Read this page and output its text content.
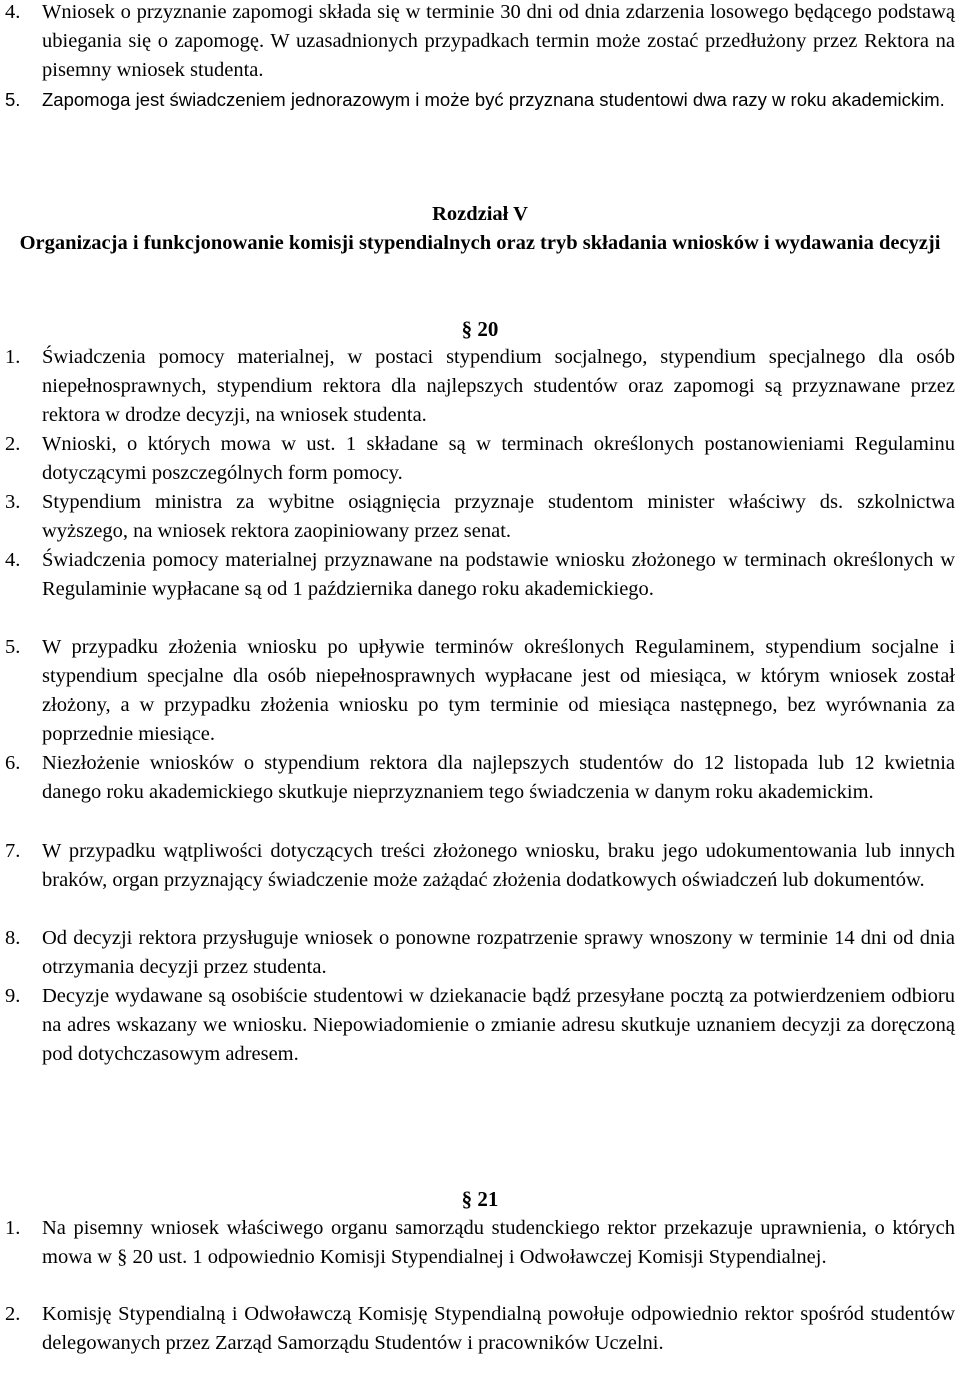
4. Wniosek o przyznanie zapomogi składa się w terminie 30 dni od dnia zdarzenia losowego będącego podstawą ubiegania się o zapomogę. W uzasadnionych przypadkach termin może zostać przedłużony przez Rektora na pisemny wniosek studenta.
5. Zapomoga jest świadczeniem jednorazowym i może być przyznana studentowi dwa razy w roku akademickim.
Rozdział V
Organizacja i funkcjonowanie komisji stypendialnych oraz tryb składania wniosków i wydawania decyzji
§ 20
1. Świadczenia pomocy materialnej, w postaci stypendium socjalnego, stypendium specjalnego dla osób niepełnosprawnych, stypendium rektora dla najlepszych studentów oraz zapomogi są przyznawane przez rektora w drodze decyzji, na wniosek studenta.
2. Wnioski, o których mowa w ust. 1 składane są w terminach określonych postanowieniami Regulaminu dotyczącymi poszczególnych form pomocy.
3. Stypendium ministra za wybitne osiągnięcia przyznaje studentom minister właściwy ds. szkolnictwa wyższego, na wniosek rektora zaopiniowany przez senat.
4. Świadczenia pomocy materialnej przyznawane na podstawie wniosku złożonego w terminach określonych w Regulaminie wypłacane są od 1 października danego roku akademickiego.
5. W przypadku złożenia wniosku po upływie terminów określonych Regulaminem, stypendium socjalne i stypendium specjalne dla osób niepełnosprawnych wypłacane jest od miesiąca, w którym wniosek został złożony, a w przypadku złożenia wniosku po tym terminie od miesiąca następnego, bez wyrównania za poprzednie miesiące.
6. Niezłożenie wniosków o stypendium rektora dla najlepszych studentów do 12 listopada lub 12 kwietnia danego roku akademickiego skutkuje nieprzyznaniem tego świadczenia w danym roku akademickim.
7. W przypadku wątpliwości dotyczących treści złożonego wniosku, braku jego udokumentowania lub innych braków, organ przyznający świadczenie może zażądać złożenia dodatkowych oświadczeń lub dokumentów.
8. Od decyzji rektora przysługuje wniosek o ponowne rozpatrzenie sprawy wnoszony w terminie 14 dni od dnia otrzymania decyzji przez studenta.
9. Decyzje wydawane są osobiście studentowi w dziekanacie bądź przesyłane pocztą za potwierdzeniem odbioru na adres wskazany we wniosku. Niepowiadomienie o zmianie adresu skutkuje uznaniem decyzji za doręczoną pod dotychczasowym adresem.
§ 21
1. Na pisemny wniosek właściwego organu samorządu studenckiego rektor przekazuje uprawnienia, o których mowa w § 20 ust. 1 odpowiednio Komisji Stypendialnej i Odwoławczej Komisji Stypendialnej.
2. Komisję Stypendialną i Odwoławczą Komisję Stypendialną powołuje odpowiednio rektor spośród studentów delegowanych przez Zarząd Samorządu Studentów i pracowników Uczelni.
